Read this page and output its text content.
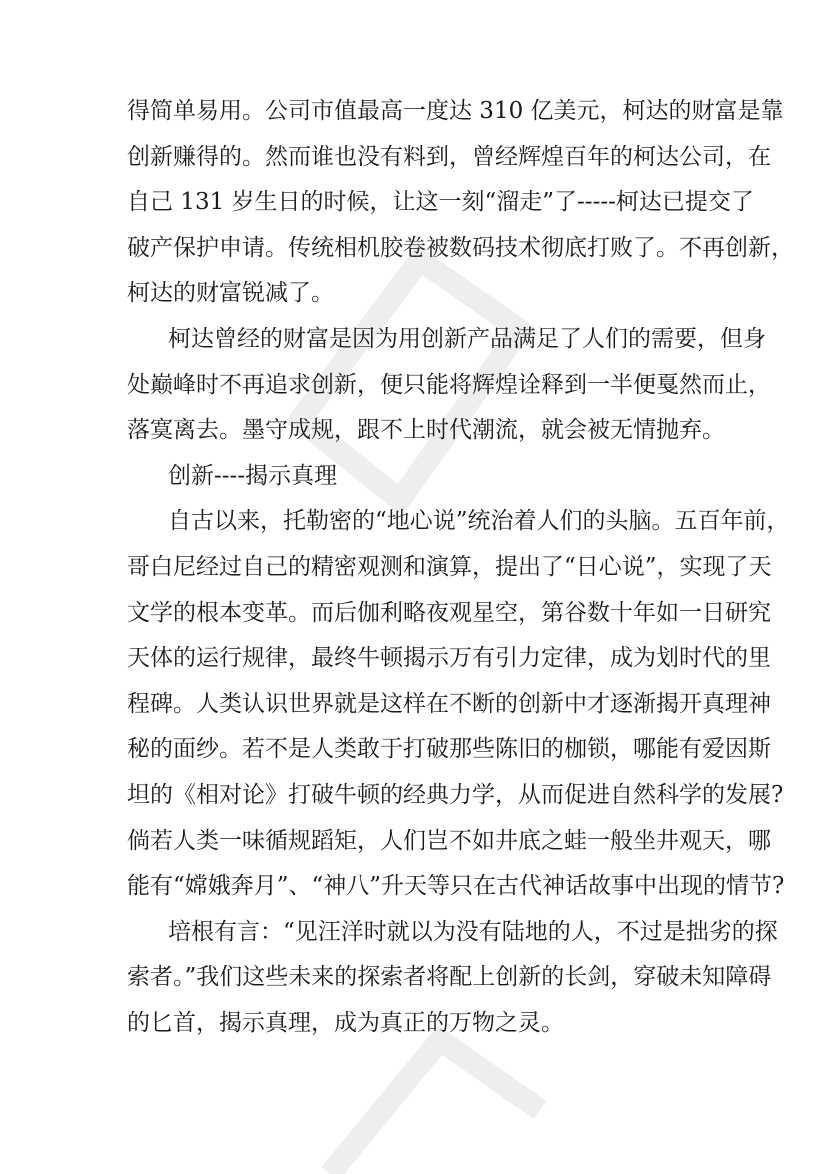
得简单易用。公司市值最高一度达 310 亿美元，柯达的财富是靠
创新赚得的。然而谁也没有料到，曾经辉煌百年的柯达公司，在
自己 131 岁生日的时候，让这一刻“溜走”了-----柯达已提交了
破产保护申请。传统相机胶卷被数码技术彻底打败了。不再创新，
柯达的财富锐减了。
柯达曾经的财富是因为用创新产品满足了人们的需要，但身
处巅峰时不再追求创新，便只能将辉煌诠释到一半便戛然而止，
落寞离去。墨守成规，跟不上时代潮流，就会被无情抛弃。
创新----揭示真理
自古以来，托勒密的“地心说”统治着人们的头脑。五百年前，
哥白尼经过自己的精密观测和演算，提出了“日心说”，实现了天
文学的根本变革。而后伽利略夜观星空，第谷数十年如一日研究
天体的运行规律，最终牛顿揭示万有引力定律，成为划时代的里
程碑。人类认识世界就是这样在不断的创新中才逐渐揭开真理神
秘的面纱。若不是人类敢于打破那些陈旧的枷锁，哪能有爱因斯
坦的《相对论》打破牛顿的经典力学，从而促进自然科学的发展?
倘若人类一味循规蹈矩，人们岂不如井底之蛙一般坐井观天，哪
能有“嫦娥奔月”、“神八”升天等只在古代神话故事中出现的情节?
培根有言：“见汪洋时就以为没有陆地的人，不过是拙劣的探
索者。”我们这些未来的探索者将配上创新的长剑，穿破未知障碍
的匕首，揭示真理，成为真正的万物之灵。
